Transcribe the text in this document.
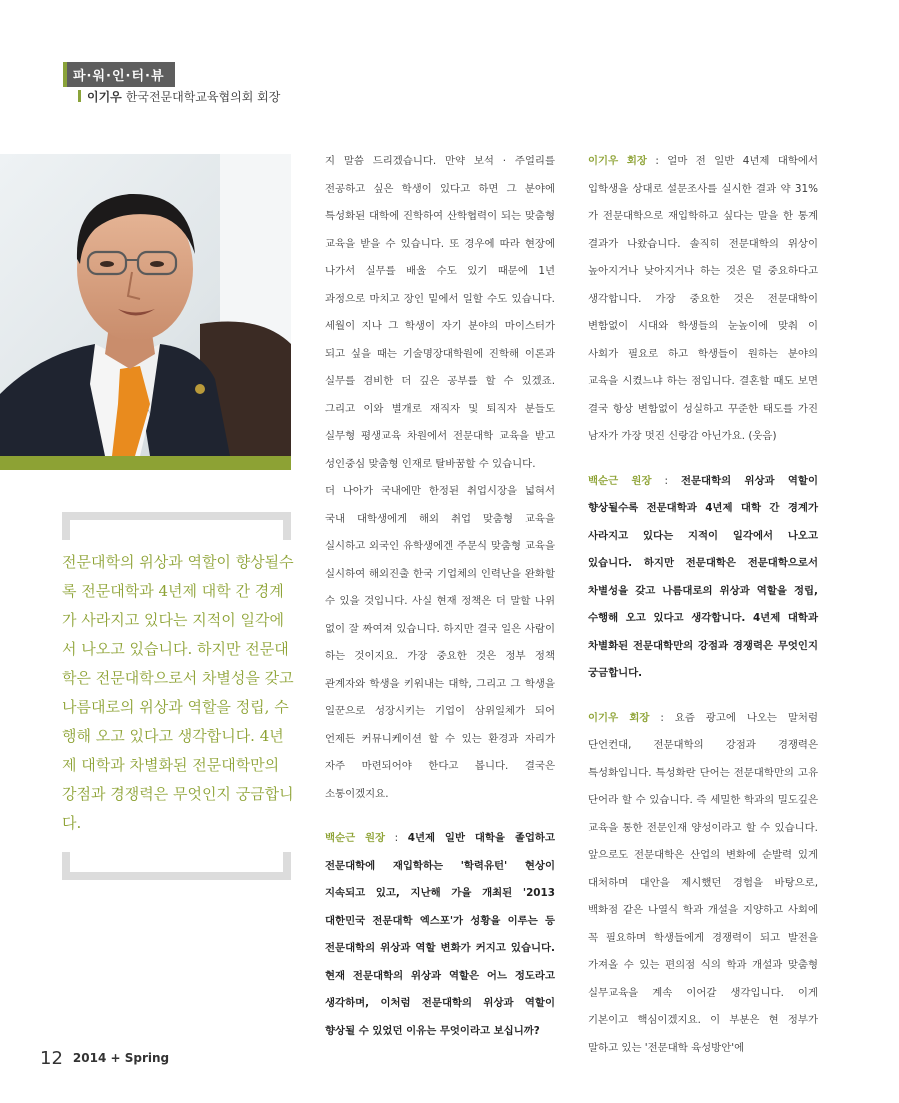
파·워·인·터·뷰
이기우 한국전문대학교육협의회 회장
전문대학의 위상과 역할이 향상될수록 전문대학과 4년제 대학 간 경계가 사라지고 있다는 지적이 일각에서 나오고 있습니다. 하지만 전문대학은 전문대학으로서 차별성을 갖고 나름대로의 위상과 역할을 정립, 수행해 오고 있다고 생각합니다. 4년제 대학과 차별화된 전문대학만의 강점과 경쟁력은 무엇인지 궁금합니다.

지 말씀 드리겠습니다. 만약 보석 · 주얼리를 전공하고 싶은 학생이 있다고 하면 그 분야에 특성화된 대학에 진학하여 산학협력이 되는 맞춤형 교육을 받을 수 있습니다. 또 경우에 따라 현장에 나가서 실무를 배울 수도 있기 때문에 1년 과정으로 마치고 장인 밑에서 일할 수도 있습니다. 세월이 지나 그 학생이 자기 분야의 마이스터가 되고 싶을 때는 기술명장대학원에 진학해 이론과 실무를 겸비한 더 깊은 공부를 할 수 있겠죠. 그리고 이와 별개로 재직자 및 퇴직자 분들도 실무형 평생교육 차원에서 전문대학 교육을 받고 성인중심 맞춤형 인재로 탈바꿈할 수 있습니다.

더 나아가 국내에만 한정된 취업시장을 넓혀서 국내 대학생에게 해외 취업 맞춤형 교육을 실시하고 외국인 유학생에겐 주문식 맞춤형 교육을 실시하여 해외진출 한국 기업체의 인력난을 완화할 수 있을 것입니다. 사실 현재 정책은 더 말할 나위 없이 잘 짜여져 있습니다. 하지만 결국 일은 사람이 하는 것이지요. 가장 중요한 것은 정부 정책 관계자와 학생을 키워내는 대학, 그리고 그 학생을 일꾼으로 성장시키는 기업이 삼위일체가 되어 언제든 커뮤니케이션 할 수 있는 환경과 자리가 자주 마련되어야 한다고 봅니다. 결국은 소통이겠지요.

백순근 원장 : 4년제 일반 대학을 졸업하고 전문대학에 재입학하는 '학력유턴' 현상이 지속되고 있고, 지난해 가을 개최된 '2013 대한민국 전문대학 엑스포'가 성황을 이루는 등 전문대학의 위상과 역할 변화가 커지고 있습니다. 현재 전문대학의 위상과 역할은 어느 정도라고 생각하며, 이처럼 전문대학의 위상과 역할이 향상될 수 있었던 이유는 무엇이라고 보십니까?

이기우 회장 : 얼마 전 일반 4년제 대학에서 입학생을 상대로 설문조사를 실시한 결과 약 31%가 전문대학으로 재입학하고 싶다는 말을 한 통계 결과가 나왔습니다. 솔직히 전문대학의 위상이 높아지거나 낮아지거나 하는 것은 덜 중요하다고 생각합니다. 가장 중요한 것은 전문대학이 변함없이 시대와 학생들의 눈높이에 맞춰 이 사회가 필요로 하고 학생들이 원하는 분야의 교육을 시켰느냐 하는 점입니다. 결혼할 때도 보면 결국 항상 변함없이 성실하고 꾸준한 태도를 가진 남자가 가장 멋진 신랑감 아닌가요. (웃음)

백순근 원장 : 전문대학의 위상과 역할이 향상될수록 전문대학과 4년제 대학 간 경계가 사라지고 있다는 지적이 일각에서 나오고 있습니다. 하지만 전문대학은 전문대학으로서 차별성을 갖고 나름대로의 위상과 역할을 정립, 수행해 오고 있다고 생각합니다. 4년제 대학과 차별화된 전문대학만의 강점과 경쟁력은 무엇인지 궁금합니다.

이기우 회장 : 요즘 광고에 나오는 말처럼 단언컨대, 전문대학의 강점과 경쟁력은 특성화입니다. 특성화란 단어는 전문대학만의 고유 단어라 할 수 있습니다. 즉 세밀한 학과의 밀도깊은 교육을 통한 전문인재 양성이라고 할 수 있습니다. 앞으로도 전문대학은 산업의 변화에 순발력 있게 대처하며 대안을 제시했던 경험을 바탕으로, 백화점 같은 나열식 학과 개설을 지양하고 사회에 꼭 필요하며 학생들에게 경쟁력이 되고 발전을 가져올 수 있는 편의점 식의 학과 개설과 맞춤형 실무교육을 계속 이어갈 생각입니다. 이게 기본이고 핵심이겠지요. 이 부분은 현 정부가 말하고 있는 '전문대학 육성방안'에

12 2014 + Spring
